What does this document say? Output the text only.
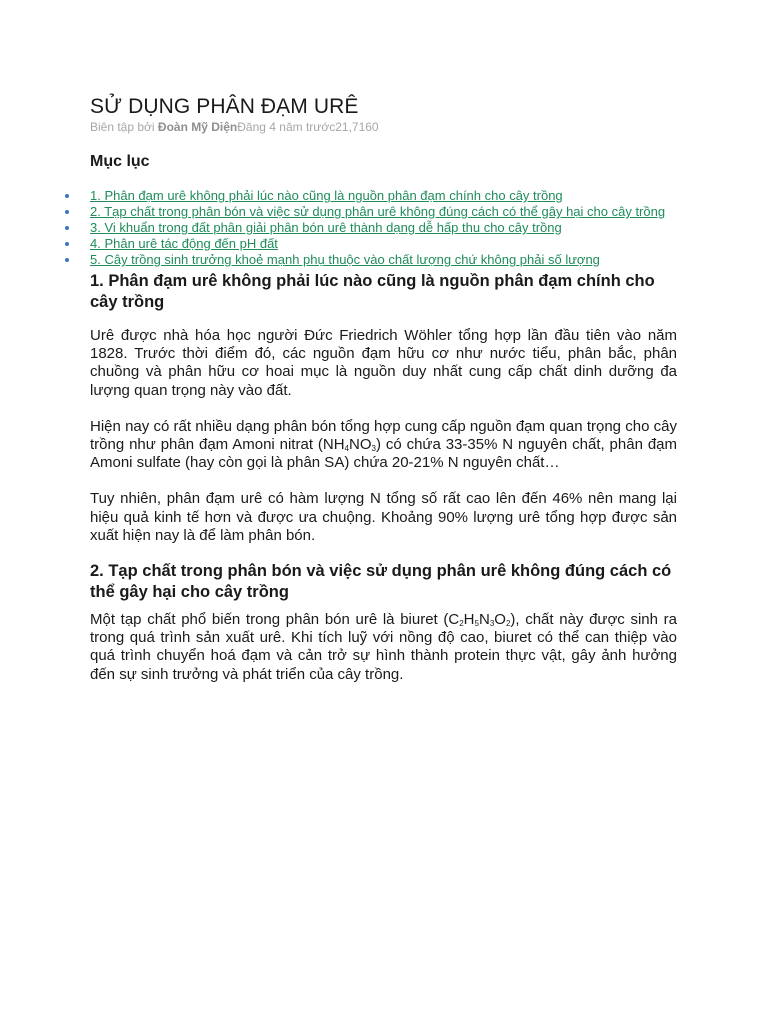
SỬ DỤNG PHÂN ĐẠM URÊ
Biên tập bởi Đoàn Mỹ DiệnĐăng 4 năm trước21,7160
Mục lục
1. Phân đạm urê không phải lúc nào cũng là nguồn phân đạm chính cho cây trồng
2. Tạp chất trong phân bón và việc sử dụng phân urê không đúng cách có thể gây hại cho cây trồng
3. Vi khuẩn trong đất phân giải phân bón urê thành dạng dễ hấp thu cho cây trồng
4. Phân urê tác động đến pH đất
5. Cây trồng sinh trưởng khoẻ mạnh phụ thuộc vào chất lượng chứ không phải số lượng
1. Phân đạm urê không phải lúc nào cũng là nguồn phân đạm chính cho cây trồng

Urê được nhà hóa học người Đức Friedrich Wöhler tổng hợp lần đầu tiên vào năm 1828. Trước thời điểm đó, các nguồn đạm hữu cơ như nước tiểu, phân bắc, phân chuồng và phân hữu cơ hoai mục là nguồn duy nhất cung cấp chất dinh dưỡng đa lượng quan trọng này vào đất.

Hiện nay có rất nhiều dạng phân bón tổng hợp cung cấp nguồn đạm quan trọng cho cây trồng như phân đạm Amoni nitrat $(NH_4NO_3)$ có chứa 33-35% N nguyên chất, phân đạm Amoni sulfate (hay còn gọi là phân SA) chứa 20-21% N nguyên chất…

Tuy nhiên, phân đạm urê có hàm lượng N tổng số rất cao lên đến 46% nên mang lại hiệu quả kinh tế hơn và được ưa chuộng. Khoảng 90% lượng urê tổng hợp được sản xuất hiện nay là để làm phân bón.

2. Tạp chất trong phân bón và việc sử dụng phân urê không đúng cách có thể gây hại cho cây trồng

Một tạp chất phổ biến trong phân bón urê là biuret $(C_2H_5N_3O_2)$, chất này được sinh ra trong quá trình sản xuất urê. Khi tích luỹ với nồng độ cao, biuret có thể can thiệp vào quá trình chuyển hoá đạm và cản trở sự hình thành protein thực vật, gây ảnh hưởng đến sự sinh trưởng và phát triển của cây trồng.
